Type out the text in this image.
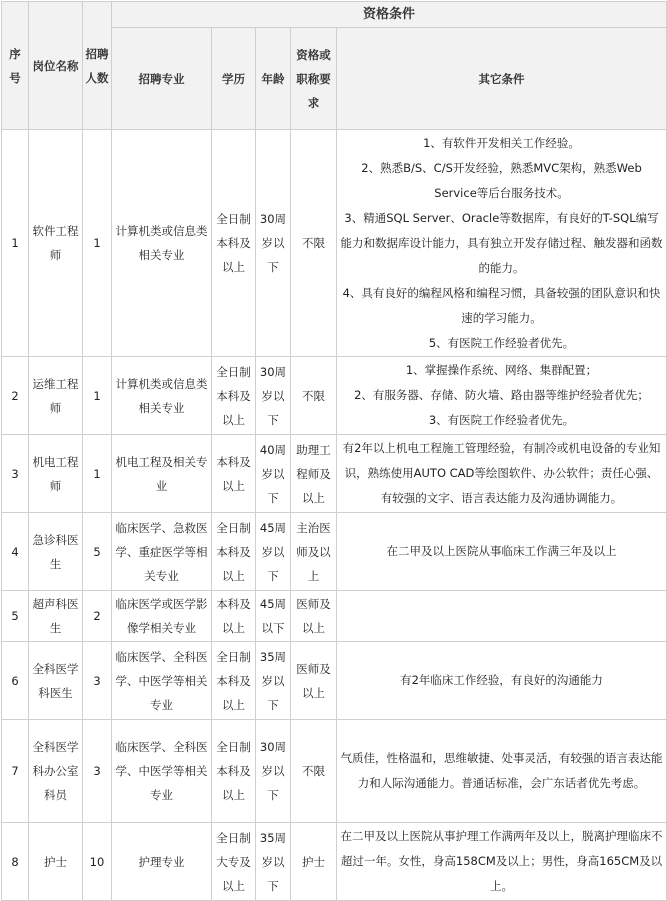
序号	岗位名称	招聘人数	资格条件				
			招聘专业	学历	年龄	资格或职称要求	其它条件
1	软件工程师	1	计算机类或信息类相关专业	全日制本科及以上	30周岁以下	不限	1、有软件开发相关工作经验。
2、熟悉B/S、C/S开发经验，熟悉MVC架构，熟悉Web Service等后台服务技术。
3、精通SQL Server、Oracle等数据库，有良好的T-SQL编写能力和数据库设计能力，具有独立开发存储过程、触发器和函数的能力。
4、具有良好的编程风格和编程习惯，具备较强的团队意识和快速的学习能力。
5、有医院工作经验者优先。

2	运维工程师	1	计算机类或信息类相关专业	全日制本科及以上	30周岁以下	不限	1、掌握操作系统、网络、集群配置；
2、有服务器、存储、防火墙、路由器等维护经验者优先；
3、有医院工作经验者优先。

3	机电工程师	1	机电工程及相关专业	本科及以上	40周岁以下	助理工程师及以上	有2年以上机电工程施工管理经验，有制冷或机电设备的专业知识，熟练使用AUTO CAD等绘图软件、办公软件；责任心强、有较强的文字、语言表达能力及沟通协调能力。

4	急诊科医生	5	临床医学、急救医学、重症医学等相关专业	全日制本科及以上	45周岁以下	主治医师及以上	在二甲及以上医院从事临床工作满三年及以上

5	超声科医生	2	临床医学或医学影像学相关专业	本科及以上	45周以下	医师及以上	
6	全科医学科医生	3	临床医学、全科医学、中医学等相关专业	全日制本科及以上	35周岁以下	医师及以上	有2年临床工作经验，有良好的沟通能力

7	全科医学科办公室科员	3	临床医学、全科医学、中医学等相关专业	全日制本科及以上	30周岁以下	不限	气质佳，性格温和，思维敏捷、处事灵活，有较强的语言表达能力和人际沟通能力。普通话标准，会广东话者优先考虑。

8	护士	10	护理专业	全日制大专及以上	35周岁以下	护士	在二甲及以上医院从事护理工作满两年及以上，脱离护理临床不超过一年。女性，身高158CM及以上；男性，身高165CM及以上。
